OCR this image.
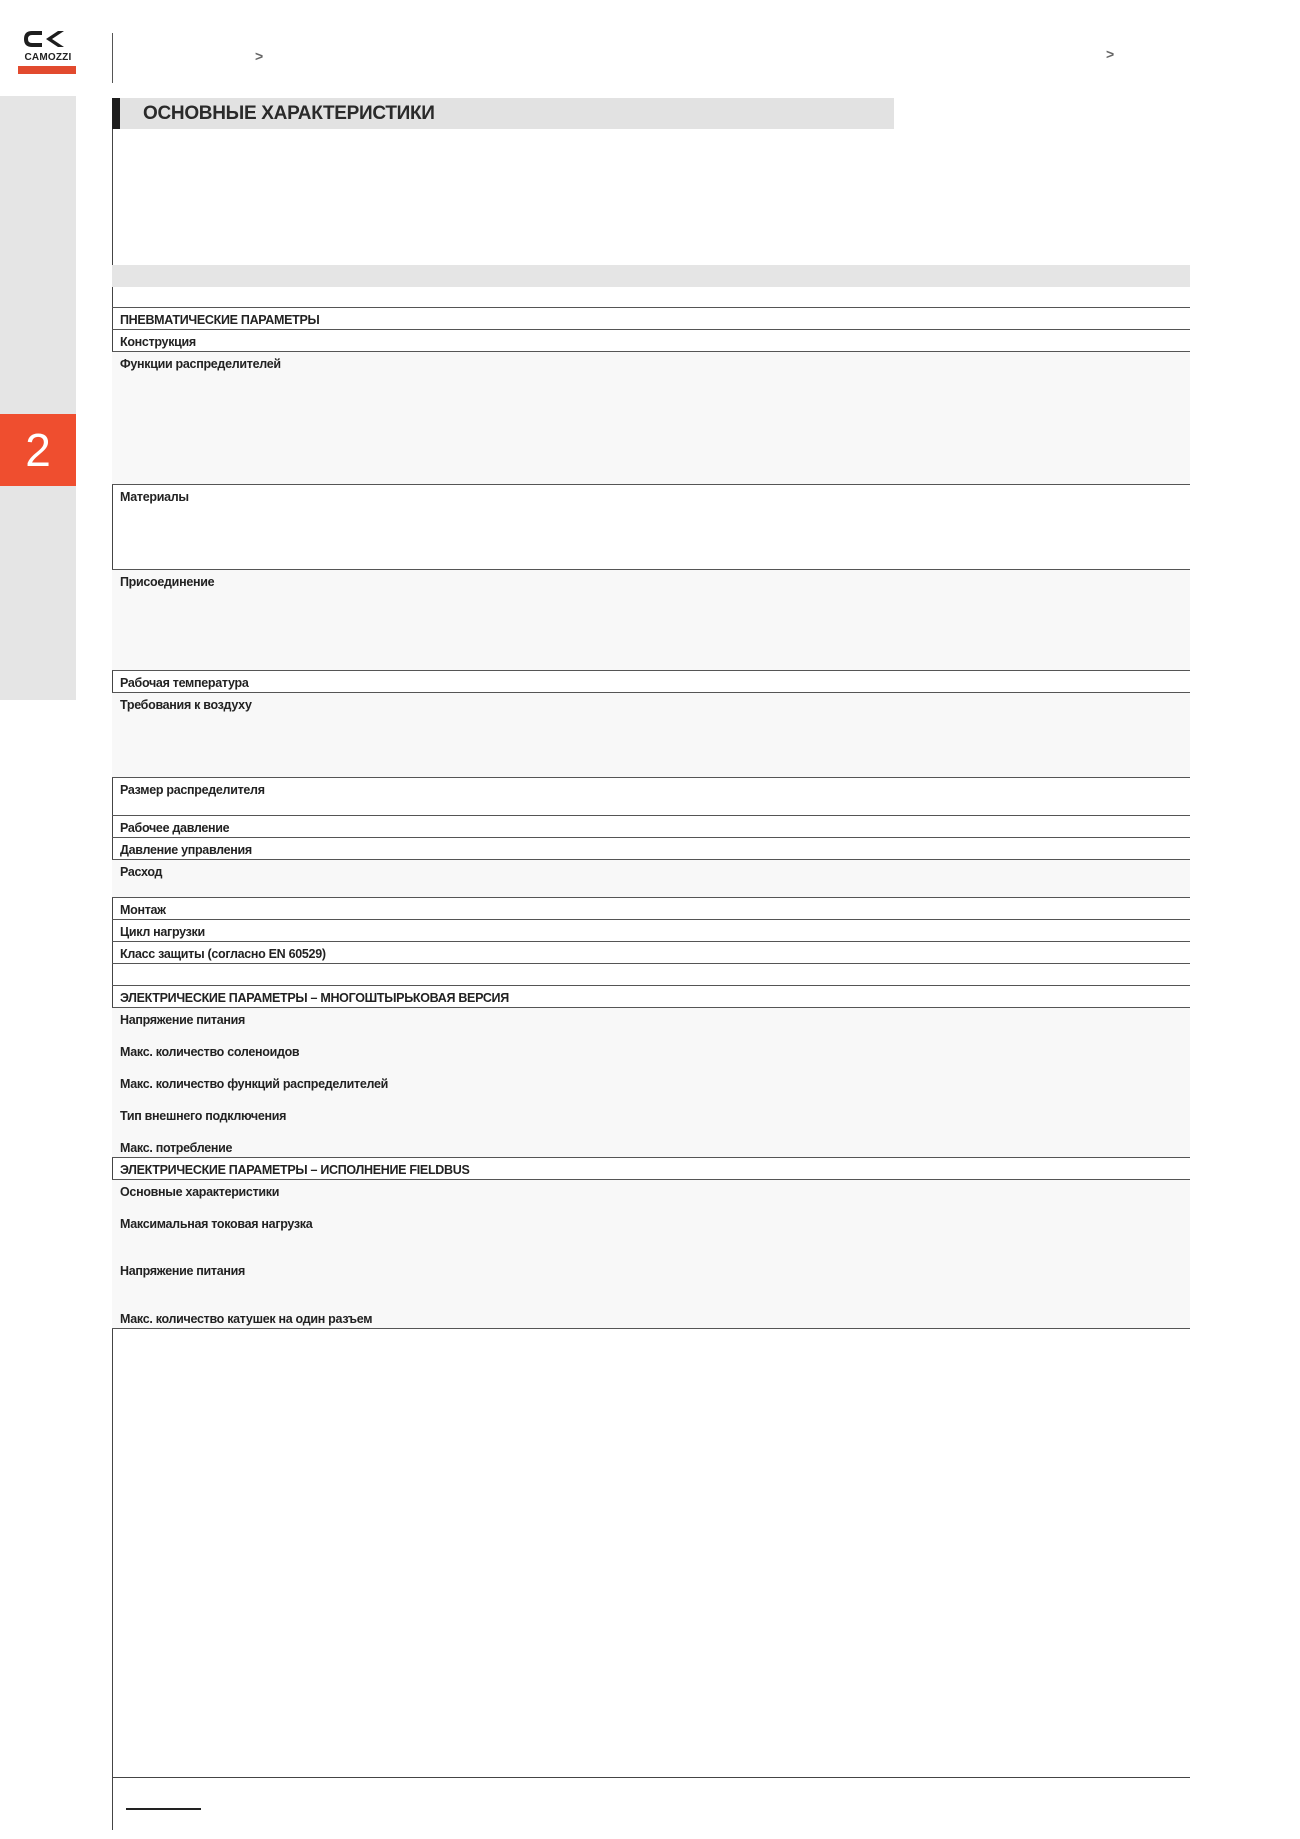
2
CAMOZZI	>	>
ОСНОВНЫЕ ХАРАКТЕРИСТИКИ
ПНЕВМАТИЧЕСКИЕ ПАРАМЕТРЫ
Конструкция
Функции распределителей
Материалы
Присоединение
Рабочая температура
Требования к воздуху
Размер распределителя
Рабочее давление
Давление управления
Расход
Монтаж
Цикл нагрузки
Класс защиты (согласно EN 60529)
ЭЛЕКТРИЧЕСКИЕ ПАРАМЕТРЫ – МНОГОШТЫРЬКОВАЯ ВЕРСИЯ
Напряжение питания
Макс. количество соленоидов
Макс. количество функций распределителей
Тип внешнего подключения
Макс. потребление
ЭЛЕКТРИЧЕСКИЕ ПАРАМЕТРЫ – ИСПОЛНЕНИЕ FIELDBUS
Основные характеристики
Максимальная токовая нагрузка
Напряжение питания
Макс. количество катушек на один разъем
